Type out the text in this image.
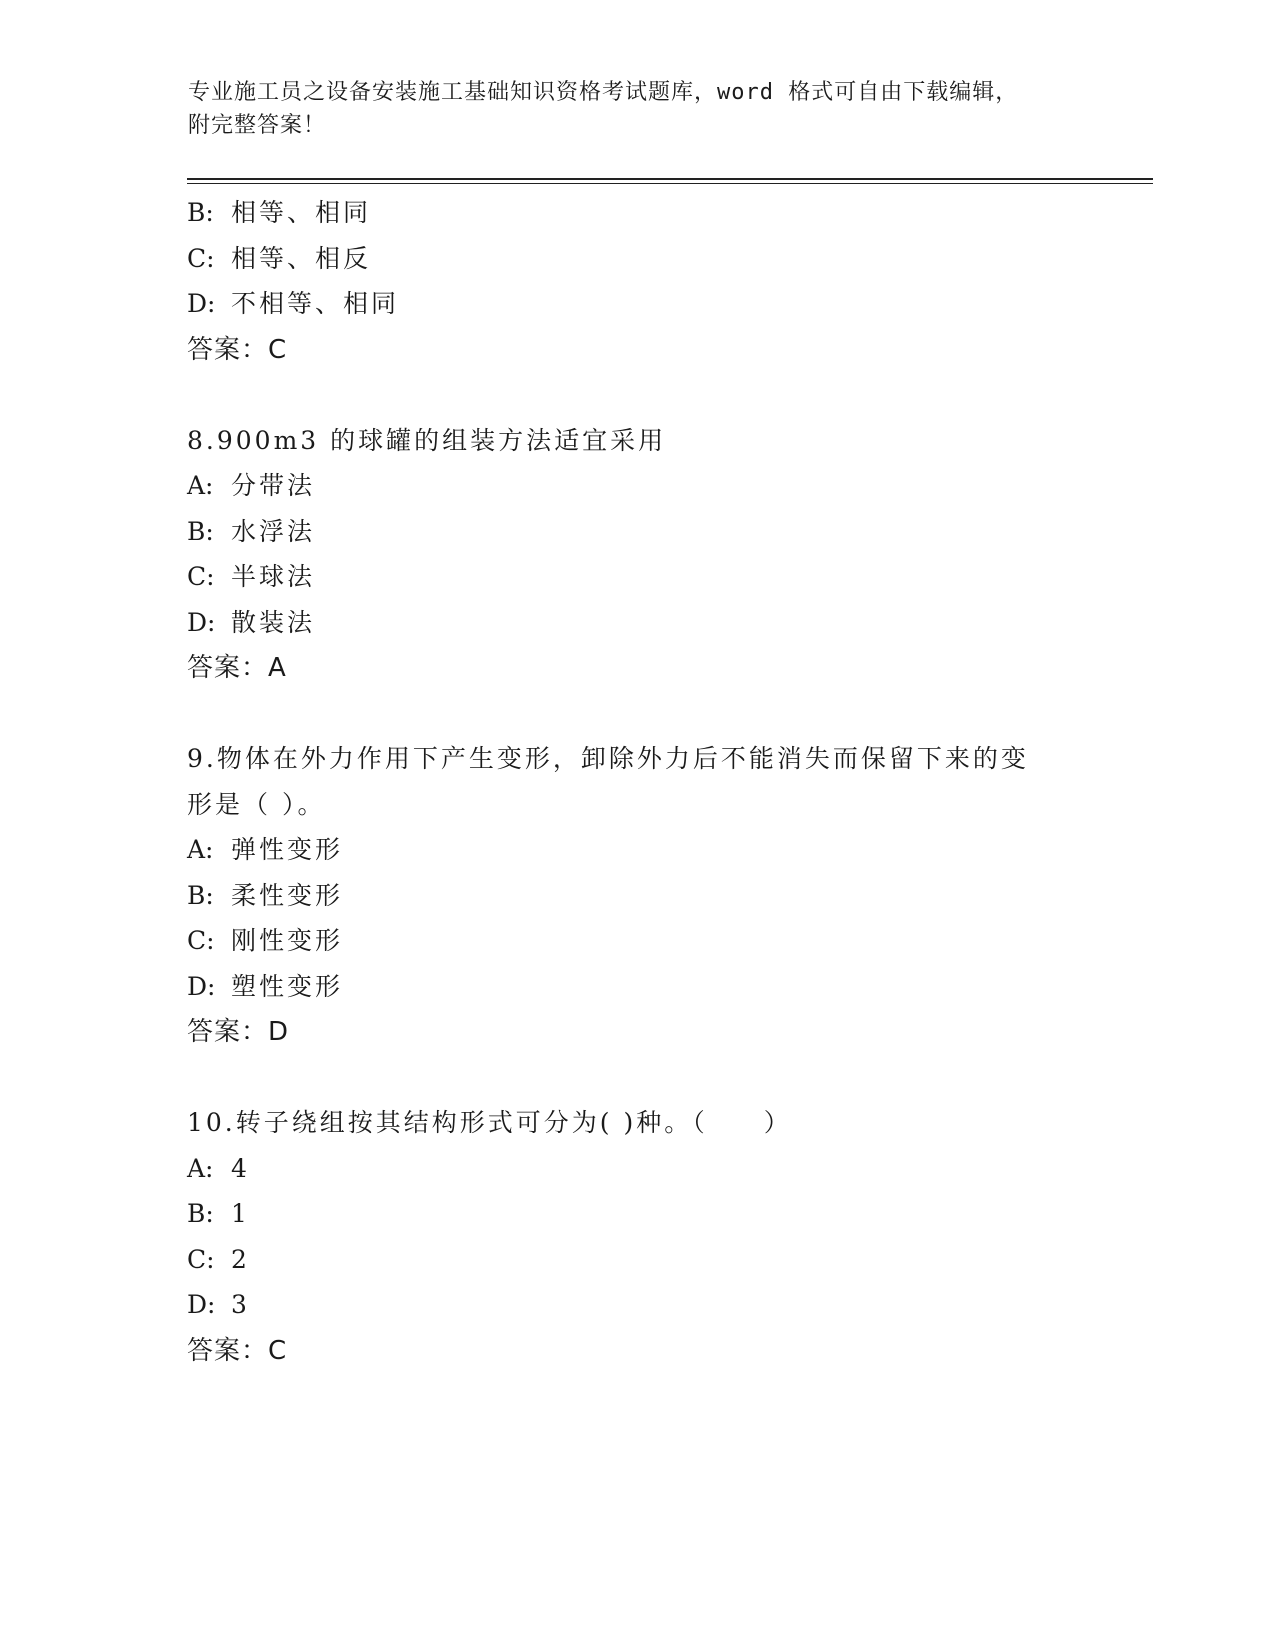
专业施工员之设备安装施工基础知识资格考试题库，word 格式可自由下载编辑，
附完整答案！
B: 相等、相同
C: 相等、相反
D: 不相等、相同
答案：C
8.900m3 的球罐的组装方法适宜采用
A: 分带法
B: 水浮法
C: 半球法
D: 散装法
答案：A
9.物体在外力作用下产生变形，卸除外力后不能消失而保留下来的变
形是（ ）。
A: 弹性变形
B: 柔性变形
C: 刚性变形
D: 塑性变形
答案：D
10.转子绕组按其结构形式可分为( )种。（　　）
A: 4
B: 1
C: 2
D: 3
答案：C
